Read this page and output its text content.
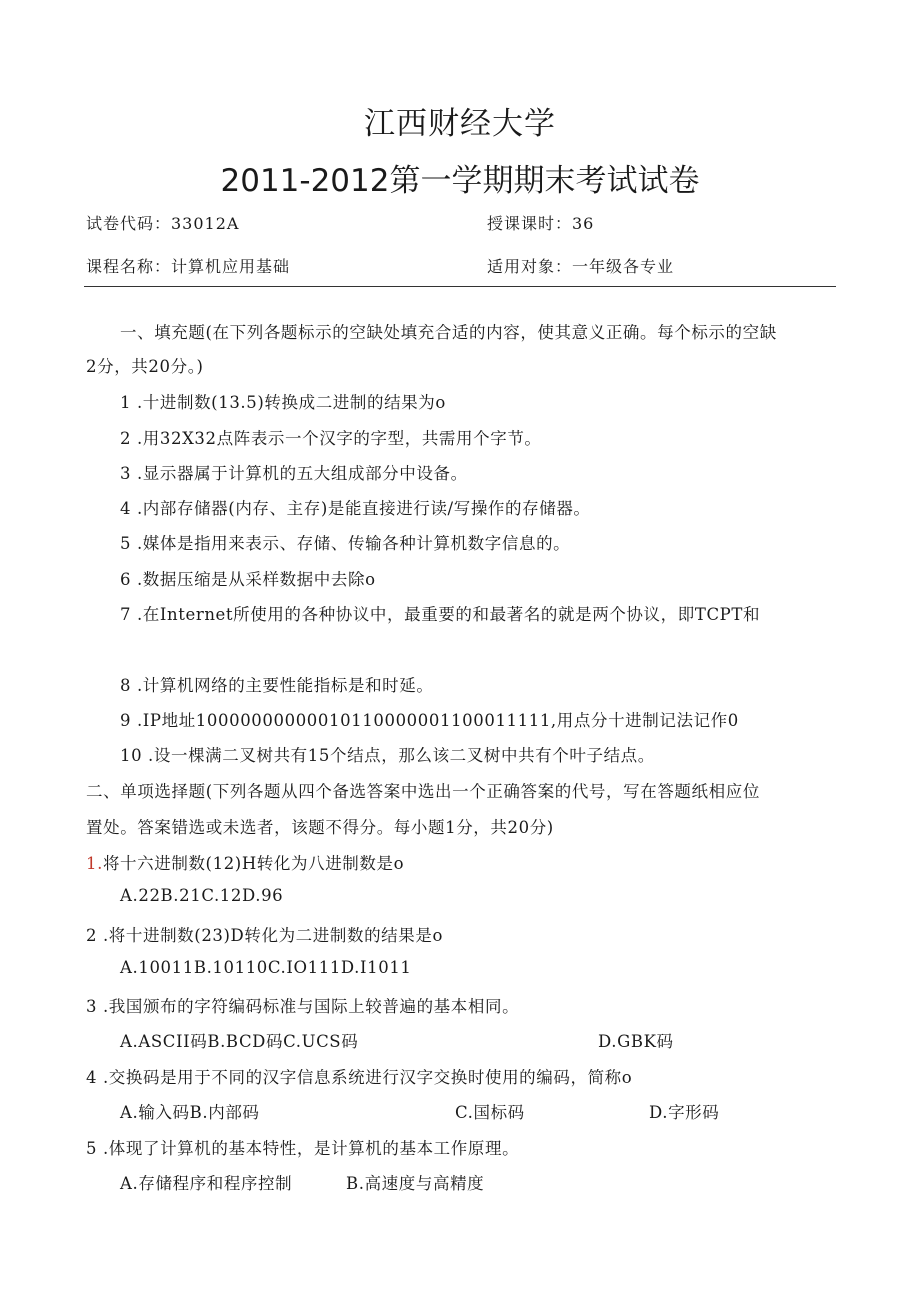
江西财经大学
2011-2012第一学期期末考试试卷
试卷代码：33012A	授课课时：36
课程名称：计算机应用基础	适用对象：一年级各专业
一、填充题(在下列各题标示的空缺处填充合适的内容，使其意义正确。每个标示的空缺
2分，共20分。)
1 .十进制数(13.5)转换成二进制的结果为o
2 .用32X32点阵表示一个汉字的字型，共需用个字节。
3 .显示器属于计算机的五大组成部分中设备。
4 .内部存储器(内存、主存)是能直接进行读/写操作的存储器。
5 .媒体是指用来表示、存储、传输各种计算机数字信息的。
6 .数据压缩是从采样数据中去除o
7 .在Internet所使用的各种协议中，最重要的和最著名的就是两个协议，即TCPT和
8 .计算机网络的主要性能指标是和时延。
9 .IP地址10000000000010110000001100011111,用点分十进制记法记作0
10 .设一棵满二叉树共有15个结点，那么该二叉树中共有个叶子结点。
二、单项选择题(下列各题从四个备选答案中选出一个正确答案的代号，写在答题纸相应位
置处。答案错选或未选者，该题不得分。每小题1分，共20分)
1.将十六进制数(12)H转化为八进制数是o
A.22B.21C.12D.96
2 .将十进制数(23)D转化为二进制数的结果是o
A.10011B.10110C.IO111D.I1011
3 .我国颁布的字符编码标准与国际上较普遍的基本相同。
A.ASCII码B.BCD码C.UCS码	D.GBK码
4 .交换码是用于不同的汉字信息系统进行汉字交换时使用的编码，简称o
A.输入码B.内部码	C.国标码	D.字形码
5 .体现了计算机的基本特性，是计算机的基本工作原理。
A.存储程序和程序控制	B.高速度与高精度
